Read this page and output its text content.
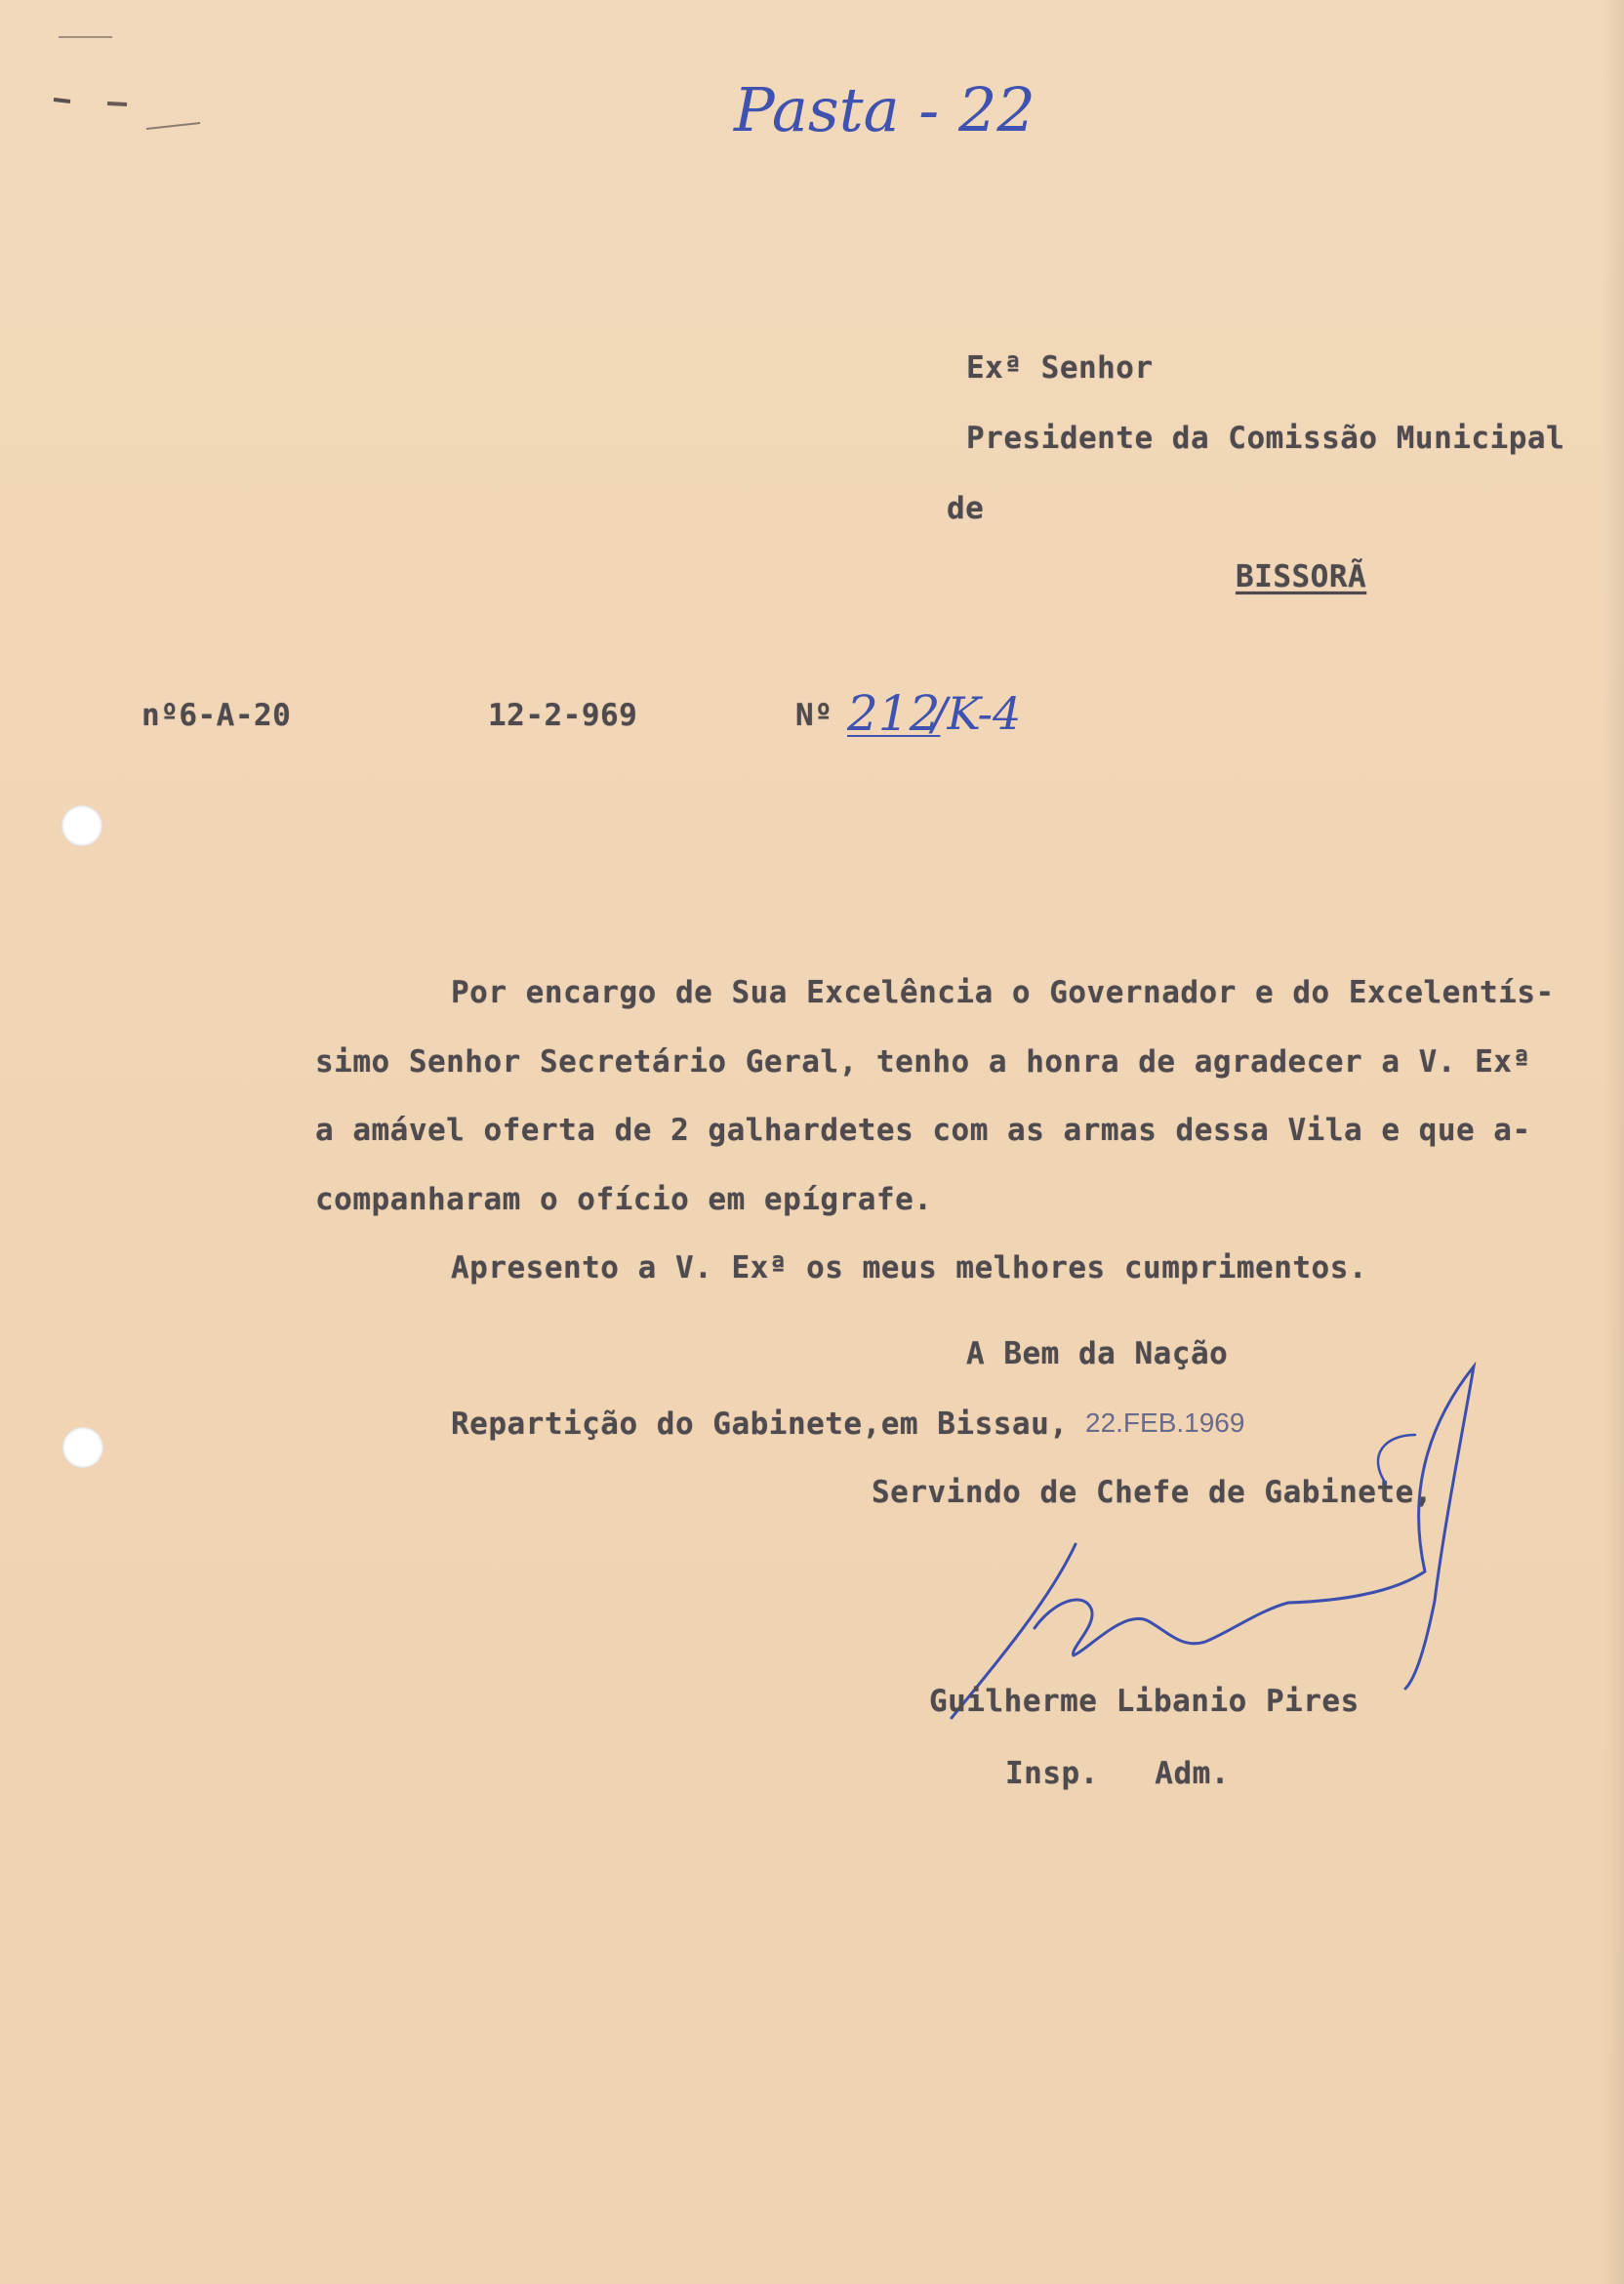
Pasta - 22
Exª Senhor
Presidente da Comissão Municipal
de
BISSORÃ
nº6-A-20	12-2-969	Nº 212
/K-4
Por encargo de Sua Excelência o Governador e do Excelentís-
simo Senhor Secretário Geral, tenho a honra de agradecer a V. Exª
a amável oferta de 2 galhardetes com as armas dessa Vila e que a-
companharam o ofício em epígrafe.
Apresento a V. Exª os meus melhores cumprimentos.
A Bem da Nação
Repartição do Gabinete,em Bissau, 22.FEB.1969
Servindo de Chefe de Gabinete,
Guilherme Libanio Pires
Insp.   Adm.
